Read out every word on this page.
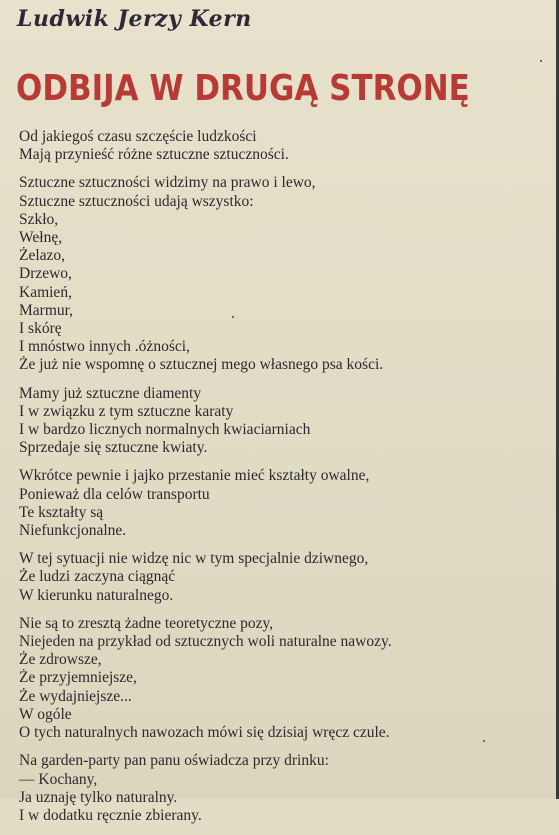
Ludwik Jerzy Kern
ODBIJA W DRUGĄ STRONĘ
Od jakiegoś czasu szczęście ludzkości
Mają przynieść różne sztuczne sztuczności.
Sztuczne sztuczności widzimy na prawo i lewo,
Sztuczne sztuczności udają wszystko:
Szkło,
Wełnę,
Żelazo,
Drzewo,
Kamień,
Marmur,
I skórę
I mnóstwo innych .óżności,
Że już nie wspomnę o sztucznej mego własnego psa kości.
Mamy już sztuczne diamenty
I w związku z tym sztuczne karaty
I w bardzo licznych normalnych kwiaciarniach
Sprzedaje się sztuczne kwiaty.
Wkrótce pewnie i jajko przestanie mieć kształty owalne,
Ponieważ dla celów transportu
Te kształty są
Niefunkcjonalne.
W tej sytuacji nie widzę nic w tym specjalnie dziwnego,
Że ludzi zaczyna ciągnąć
W kierunku naturalnego.
Nie są to zresztą żadne teoretyczne pozy,
Niejeden na przykład od sztucznych woli naturalne nawozy.
Że zdrowsze,
Że przyjemniejsze,
Że wydajniejsze...
W ogóle
O tych naturalnych nawozach mówi się dzisiaj wręcz czule.
Na garden-party pan panu oświadcza przy drinku:
— Kochany,
Ja uznaję tylko naturalny.
I w dodatku ręcznie zbierany.
